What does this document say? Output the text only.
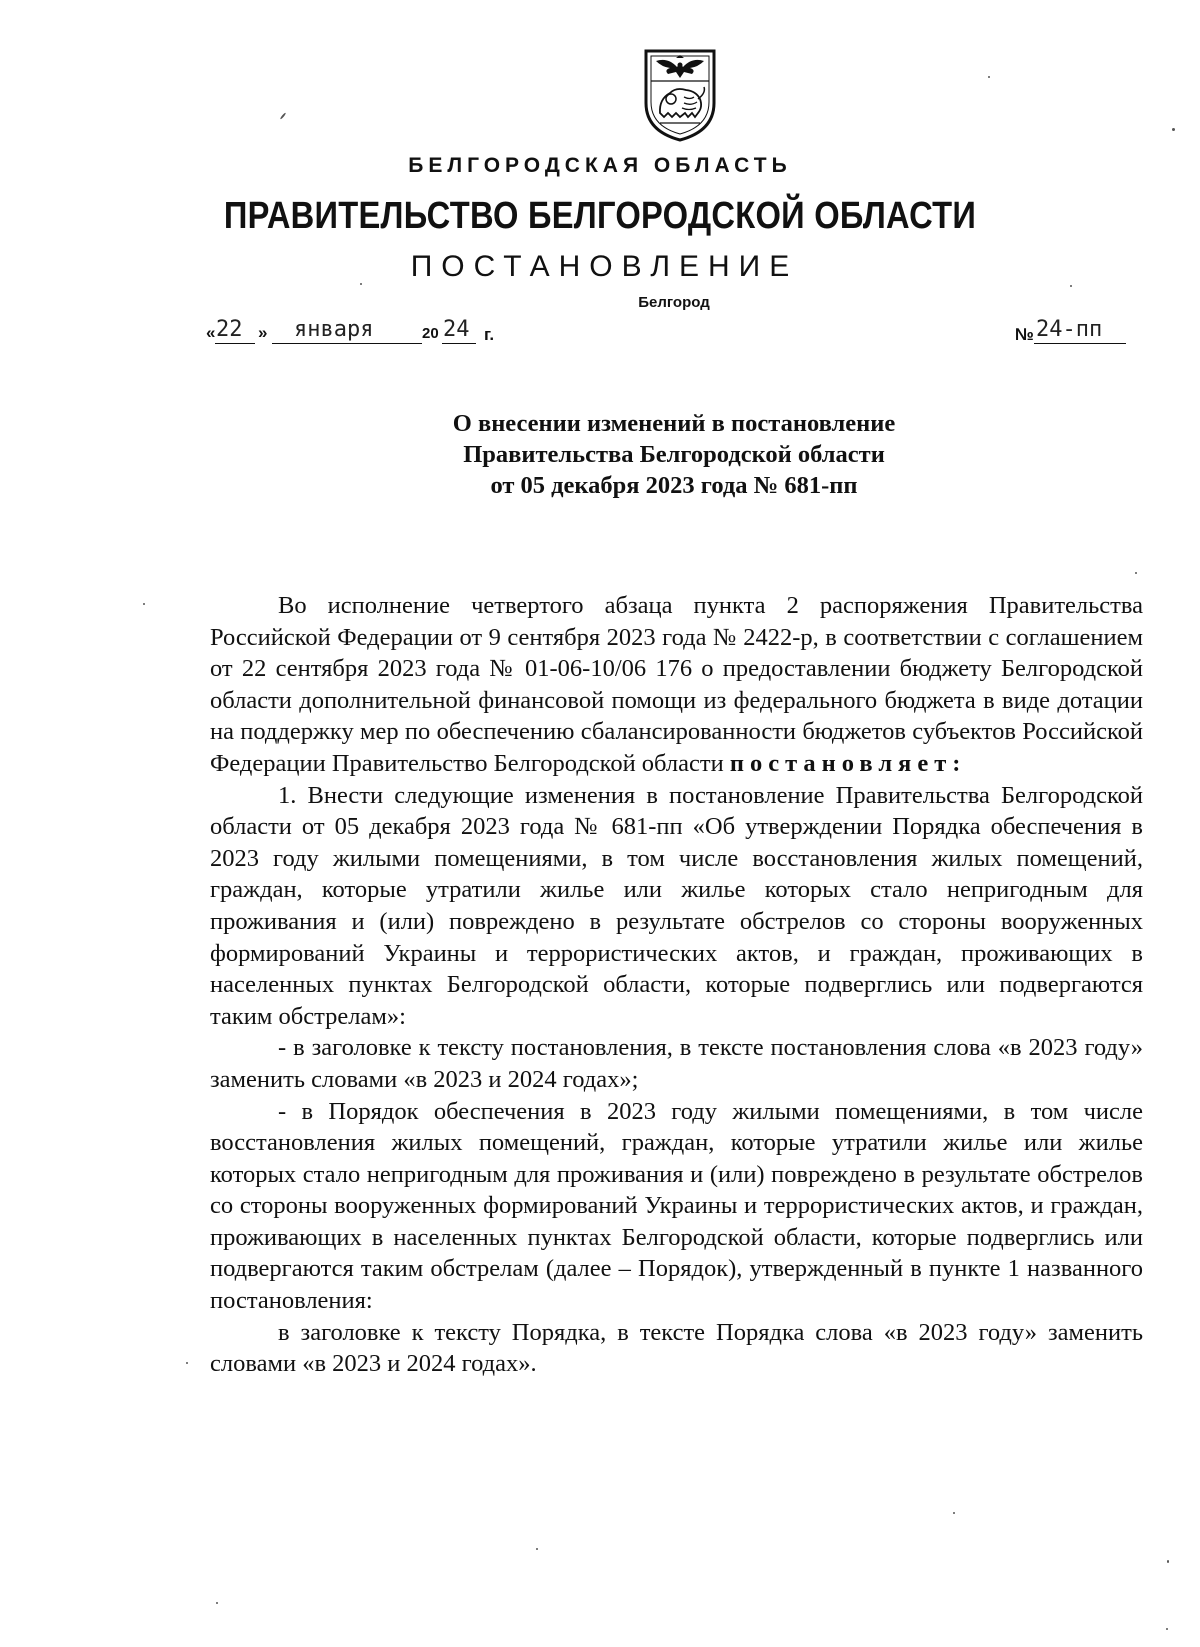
БЕЛГОРОДСКАЯ ОБЛАСТЬ
ПРАВИТЕЛЬСТВО БЕЛГОРОДСКОЙ ОБЛАСТИ
ПОСТАНОВЛЕНИЕ
Белгород
« 22 » января	20 24 г.	№ 24-пп
О внесении изменений в постановление
Правительства Белгородской области
от 05 декабря 2023 года № 681-пп

Во исполнение четвертого абзаца пункта 2 распоряжения Правительства Российской Федерации от 9 сентября 2023 года № 2422-р, в соответствии с соглашением от 22 сентября 2023 года № 01-06-10/06 176 о предоставлении бюджету Белгородской области дополнительной финансовой помощи из федерального бюджета в виде дотации на поддержку мер по обеспечению сбалансированности бюджетов субъектов Российской Федерации Правительство Белгородской области постановляет:

1. Внести следующие изменения в постановление Правительства Белгородской области от 05 декабря 2023 года № 681-пп «Об утверждении Порядка обеспечения в 2023 году жилыми помещениями, в том числе восстановления жилых помещений, граждан, которые утратили жилье или жилье которых стало непригодным для проживания и (или) повреждено в результате обстрелов со стороны вооруженных формирований Украины и террористических актов, и граждан, проживающих в населенных пунктах Белгородской области, которые подверглись или подвергаются таким обстрелам»:

- в заголовке к тексту постановления, в тексте постановления слова «в 2023 году» заменить словами «в 2023 и 2024 годах»;

- в Порядок обеспечения в 2023 году жилыми помещениями, в том числе восстановления жилых помещений, граждан, которые утратили жилье или жилье которых стало непригодным для проживания и (или) повреждено в результате обстрелов со стороны вооруженных формирований Украины и террористических актов, и граждан, проживающих в населенных пунктах Белгородской области, которые подверглись или подвергаются таким обстрелам (далее – Порядок), утвержденный в пункте 1 названного постановления:

в заголовке к тексту Порядка, в тексте Порядка слова «в 2023 году» заменить словами «в 2023 и 2024 годах».
